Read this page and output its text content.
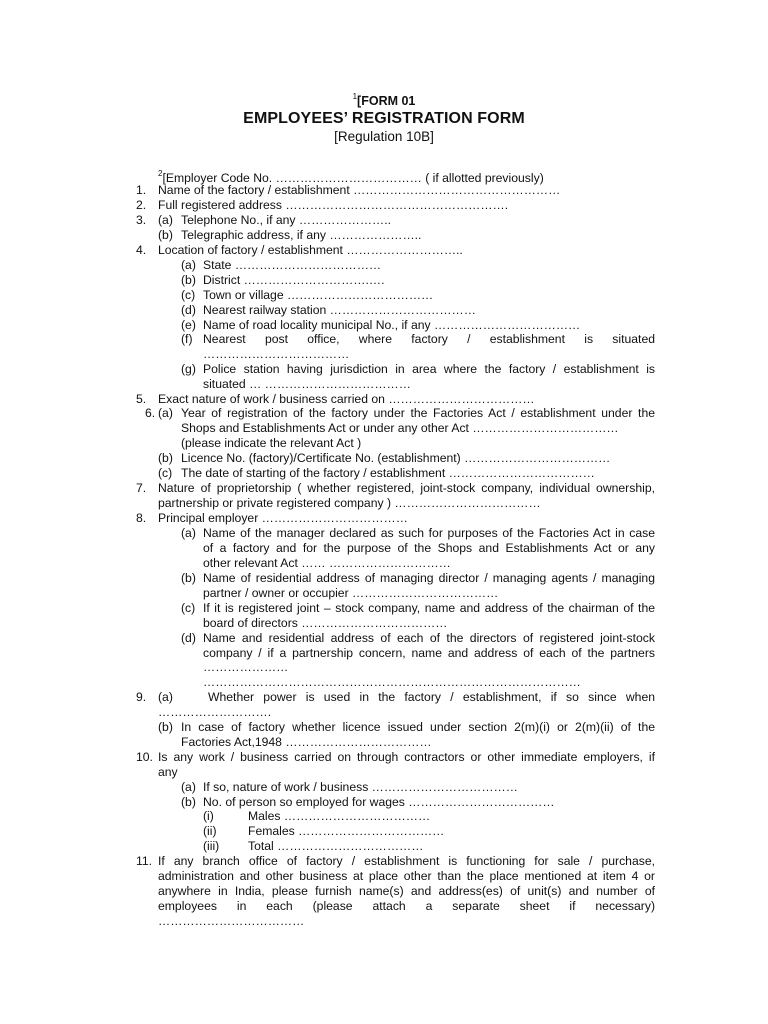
$^1$[FORM 01
EMPLOYEES’ REGISTRATION FORM
[Regulation 10B]
$^2$[Employer Code No. ……………………………… ( if allotted previously)
1. Name of the factory / establishment ……………………………………………
2. Full registered address ……………………………………………….
3. (a) Telephone No., if any …………………..
(b) Telegraphic address, if any …………………..
4. Location of factory / establishment ………………………..
(a) State ………………………………
(b) District ………………………….….
(c) Town or village ………………………………
(d) Nearest railway station ………………………………
(e) Name of road locality municipal No., if any ………………………………
(f) Nearest post office, where factory / establishment is situated
………………………………
(g) Police station having jurisdiction in area where the factory / establishment is
situated … ………………………………
5. Exact nature of work / business carried on ………………………………
6. (a) Year of registration of the factory under the Factories Act / establishment under the
Shops and Establishments Act or under any other Act ………………………………
(please indicate the relevant Act )
(b) Licence No. (factory)/Certificate No. (establishment) ………………………………
(c) The date of starting of the factory / establishment ………………………………
7. Nature of proprietorship ( whether registered, joint-stock company, individual ownership,
partnership or private registered company ) ………………………………
8. Principal employer ………………………………
(a) Name of the manager declared as such for purposes of the Factories Act in case
of a factory and for the purpose of the Shops and Establishments Act or any
other relevant Act …… …………………………
(b) Name of residential address of managing director / managing agents / managing
partner / owner or occupier ………………………………
(c) If it is registered joint – stock company, name and address of the chairman of the
board of directors ………………………………
(d) Name and residential address of each of the directors of registered joint-stock
company / if a partnership concern, name and address of each of the partners
…………………
…………………………………………………………………………………
9. (a)	Whether power is used in the factory / establishment, if so since when
……………………….
(b) In case of factory whether licence issued under section 2(m)(i) or 2(m)(ii) of the
Factories Act,1948 ………………………………
10. Is any work / business carried on through contractors or other immediate employers, if
any
(a) If so, nature of work / business ………………………………
(b) No. of person so employed for wages ………………………………
(i)	Males ………………………………
(ii)	Females ………………………………
(iii) Total ………………………………
11. If any branch office of factory / establishment is functioning for sale / purchase,
administration and other business at place other than the place mentioned at item 4 or
anywhere in India, please furnish name(s) and address(es) of unit(s) and number of
employees in each (please attach a separate sheet if necessary)
………………………………
